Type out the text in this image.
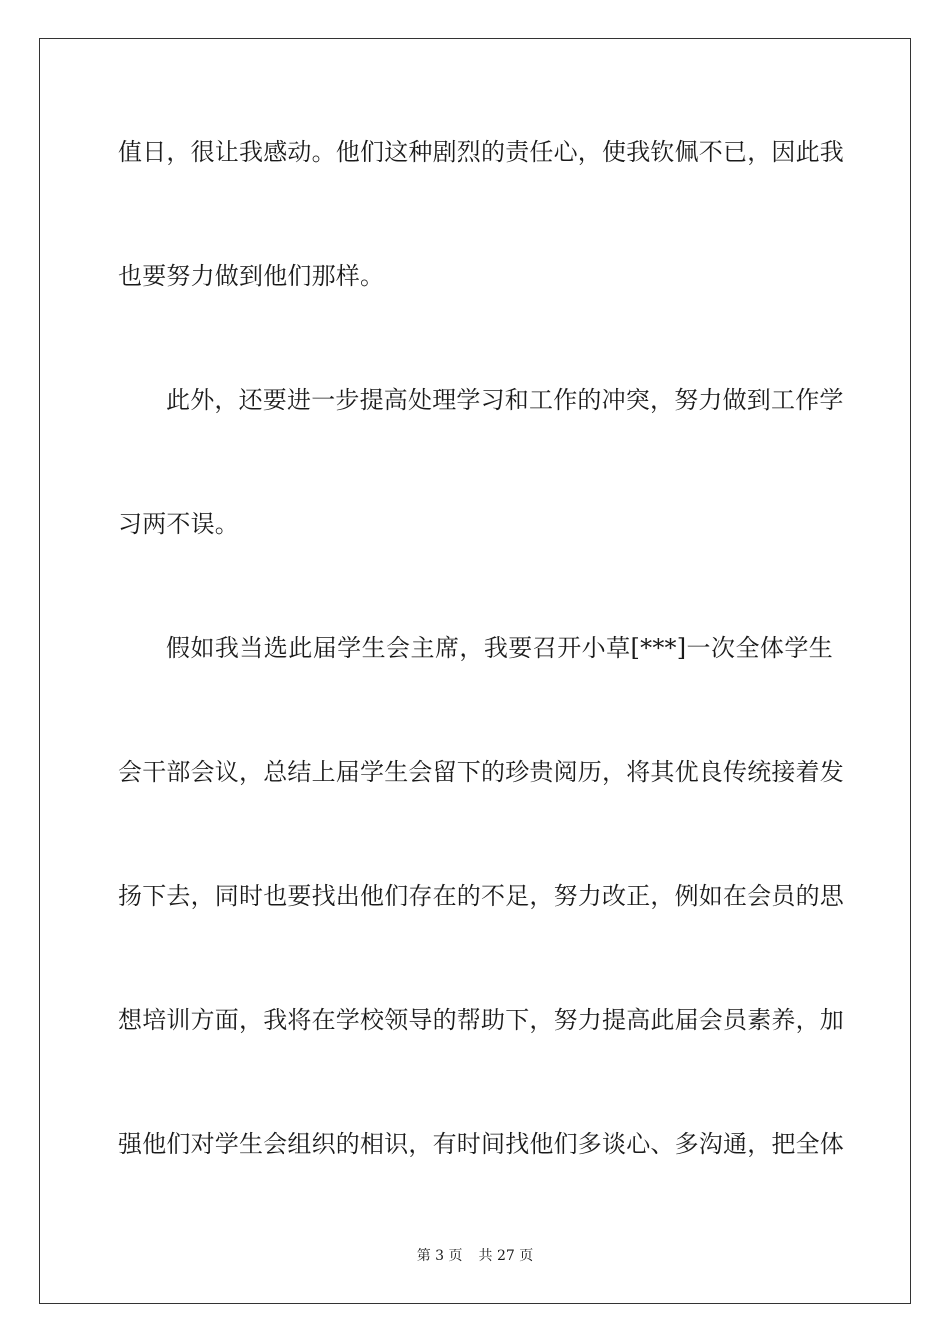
值日，很让我感动。他们这种剧烈的责任心，使我钦佩不已，因此我
也要努力做到他们那样。
此外，还要进一步提高处理学习和工作的冲突，努力做到工作学
习两不误。
假如我当选此届学生会主席，我要召开小草[***]一次全体学生
会干部会议，总结上届学生会留下的珍贵阅历，将其优良传统接着发
扬下去，同时也要找出他们存在的不足，努力改正，例如在会员的思
想培训方面，我将在学校领导的帮助下，努力提高此届会员素养，加
强他们对学生会组织的相识，有时间找他们多谈心、多沟通，把全体
第 3 页 共 27 页
